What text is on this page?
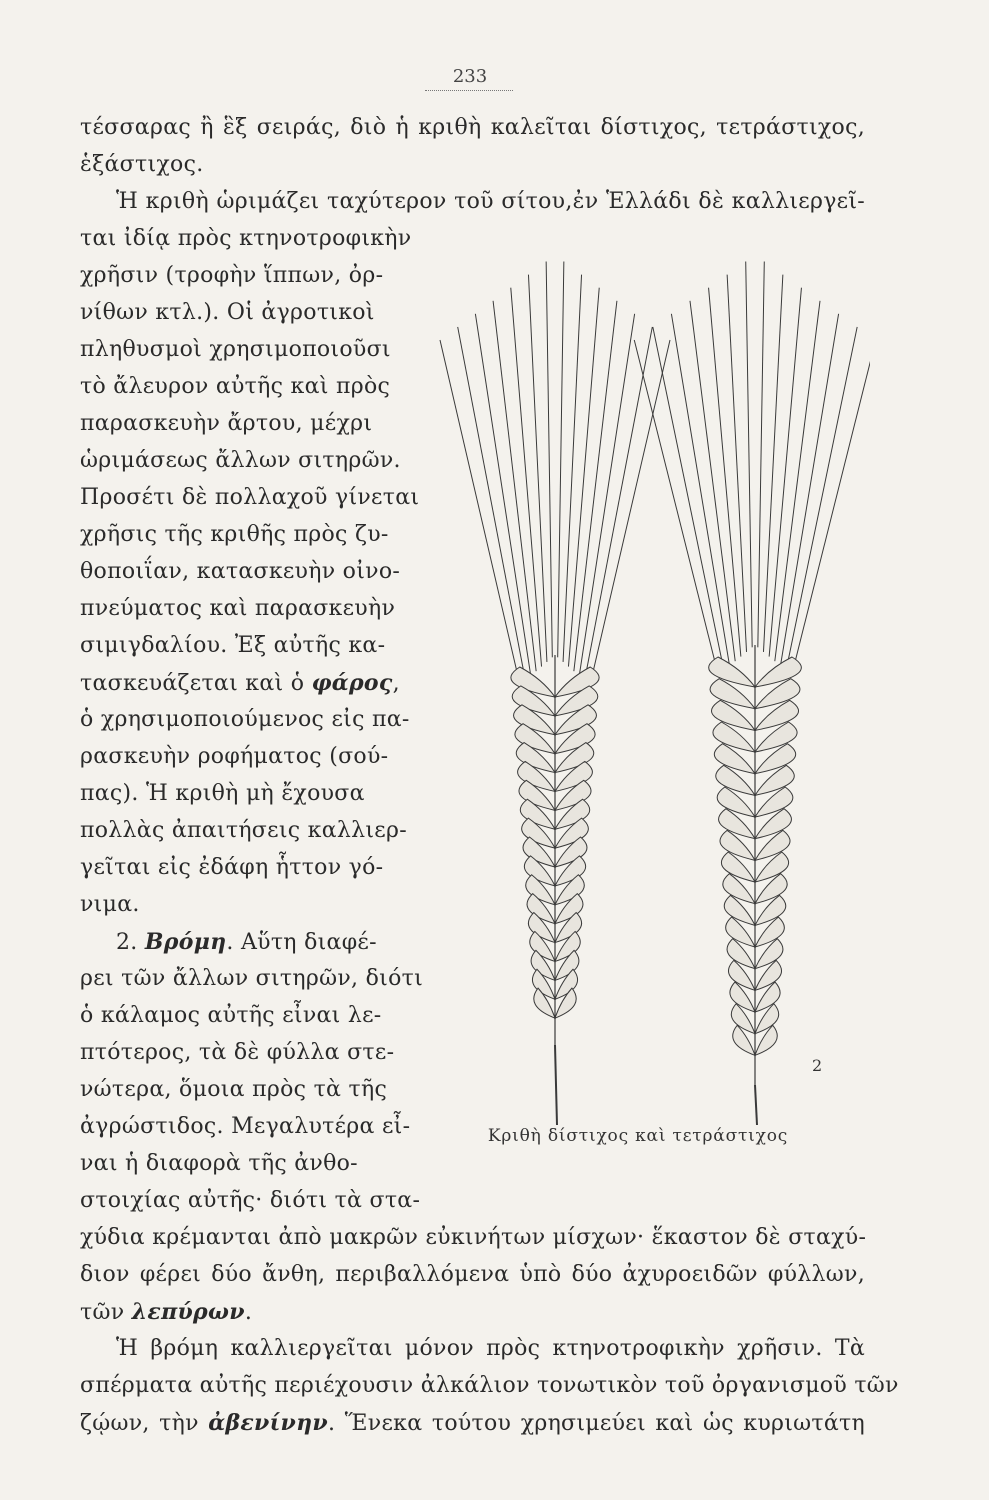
233

τέσσαρας ἢ ἓξ σειράς, διὸ ἡ κριθὴ καλεῖται δίστιχος, τετράστιχος,

ἑξάστιχος.

Ἡ κριθὴ ὡριμάζει ταχύτερον τοῦ σίτου,ἐν Ἑλλάδι δὲ καλλιεργεῖ-

ται ἰδίᾳ πρὸς κτηνοτροφικὴν

χρῆσιν (τροφὴν ἵππων, ὀρ-

νίθων κτλ.). Οἱ ἀγροτικοὶ

πληθυσμοὶ χρησιμοποιοῦσι

τὸ ἄλευρον αὐτῆς καὶ πρὸς

παρασκευὴν ἄρτου, μέχρι

ὡριμάσεως ἄλλων σιτηρῶν.

Προσέτι δὲ πολλαχοῦ γίνεται

χρῆσις τῆς κριθῆς πρὸς ζυ-

θοποιΐαν, κατασκευὴν οἰνο-

πνεύματος καὶ παρασκευὴν

σιμιγδαλίου. Ἐξ αὐτῆς κα-

τασκευάζεται καὶ ὁ φάρος,

ὁ χρησιμοποιούμενος εἰς πα-

ρασκευὴν ροφήματος (σού-

πας). Ἡ κριθὴ μὴ ἔχουσα

πολλὰς ἀπαιτήσεις καλλιερ-

γεῖται εἰς ἐδάφη ἧττον γό-

νιμα.

2. Βρόμη. Αὕτη διαφέ-

ρει τῶν ἄλλων σιτηρῶν, διότι

ὁ κάλαμος αὐτῆς εἶναι λε-

πτότερος, τὰ δὲ φύλλα στε-

νώτερα, ὅμοια πρὸς τὰ τῆς

ἀγρώστιδος. Μεγαλυτέρα εἶ-

ναι ἡ διαφορὰ τῆς ἀνθο-

στοιχίας αὐτῆς· διότι τὰ στα-

χύδια κρέμανται ἀπὸ μακρῶν εὐκινήτων μίσχων· ἕκαστον δὲ σταχύ-

διον φέρει δύο ἄνθη, περιβαλλόμενα ὑπὸ δύο ἀχυροειδῶν φύλλων,

τῶν λεπύρων.

Ἡ βρόμη καλλιεργεῖται μόνον πρὸς κτηνοτροφικὴν χρῆσιν. Τὰ

σπέρματα αὐτῆς περιέχουσιν ἀλκάλιον τονωτικὸν τοῦ ὀργανισμοῦ τῶν

ζῴων, τὴν ἀβενίνην. Ἕνεκα τούτου χρησιμεύει καὶ ὡς κυριωτάτη

2
Κριθὴ δίστιχος καὶ τετράστιχος
